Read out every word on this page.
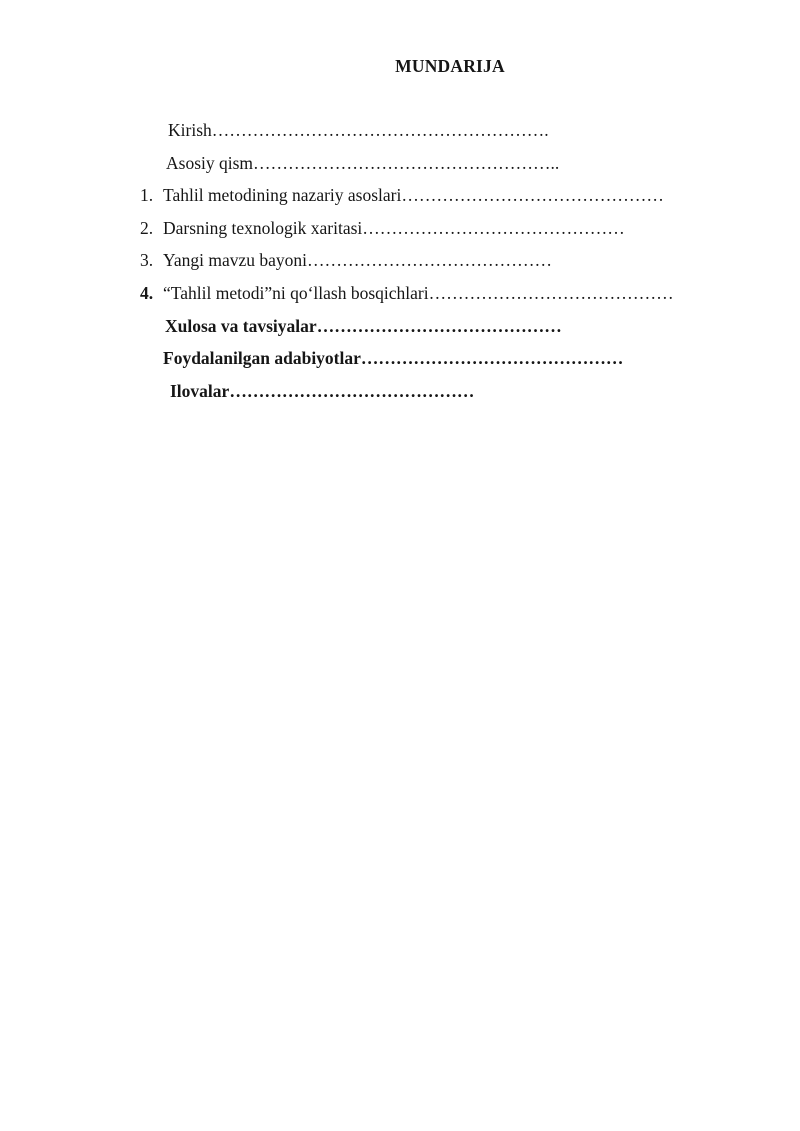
MUNDARIJA
Kirish………………………………………………….
Asosiy qism……………………………………………..
1. Tahlil metodining nazariy asoslari………………………………………
2. Darsning texnologik xaritasi………………………………………
3. Yangi mavzu bayoni……………………………………
4. “Tahlil metodi”ni qo‘llash bosqichlari……………………………………
Xulosa va tavsiyalar……………………………………
Foydalanilgan adabiyotlar………………………………………
Ilovalar……………………………………
